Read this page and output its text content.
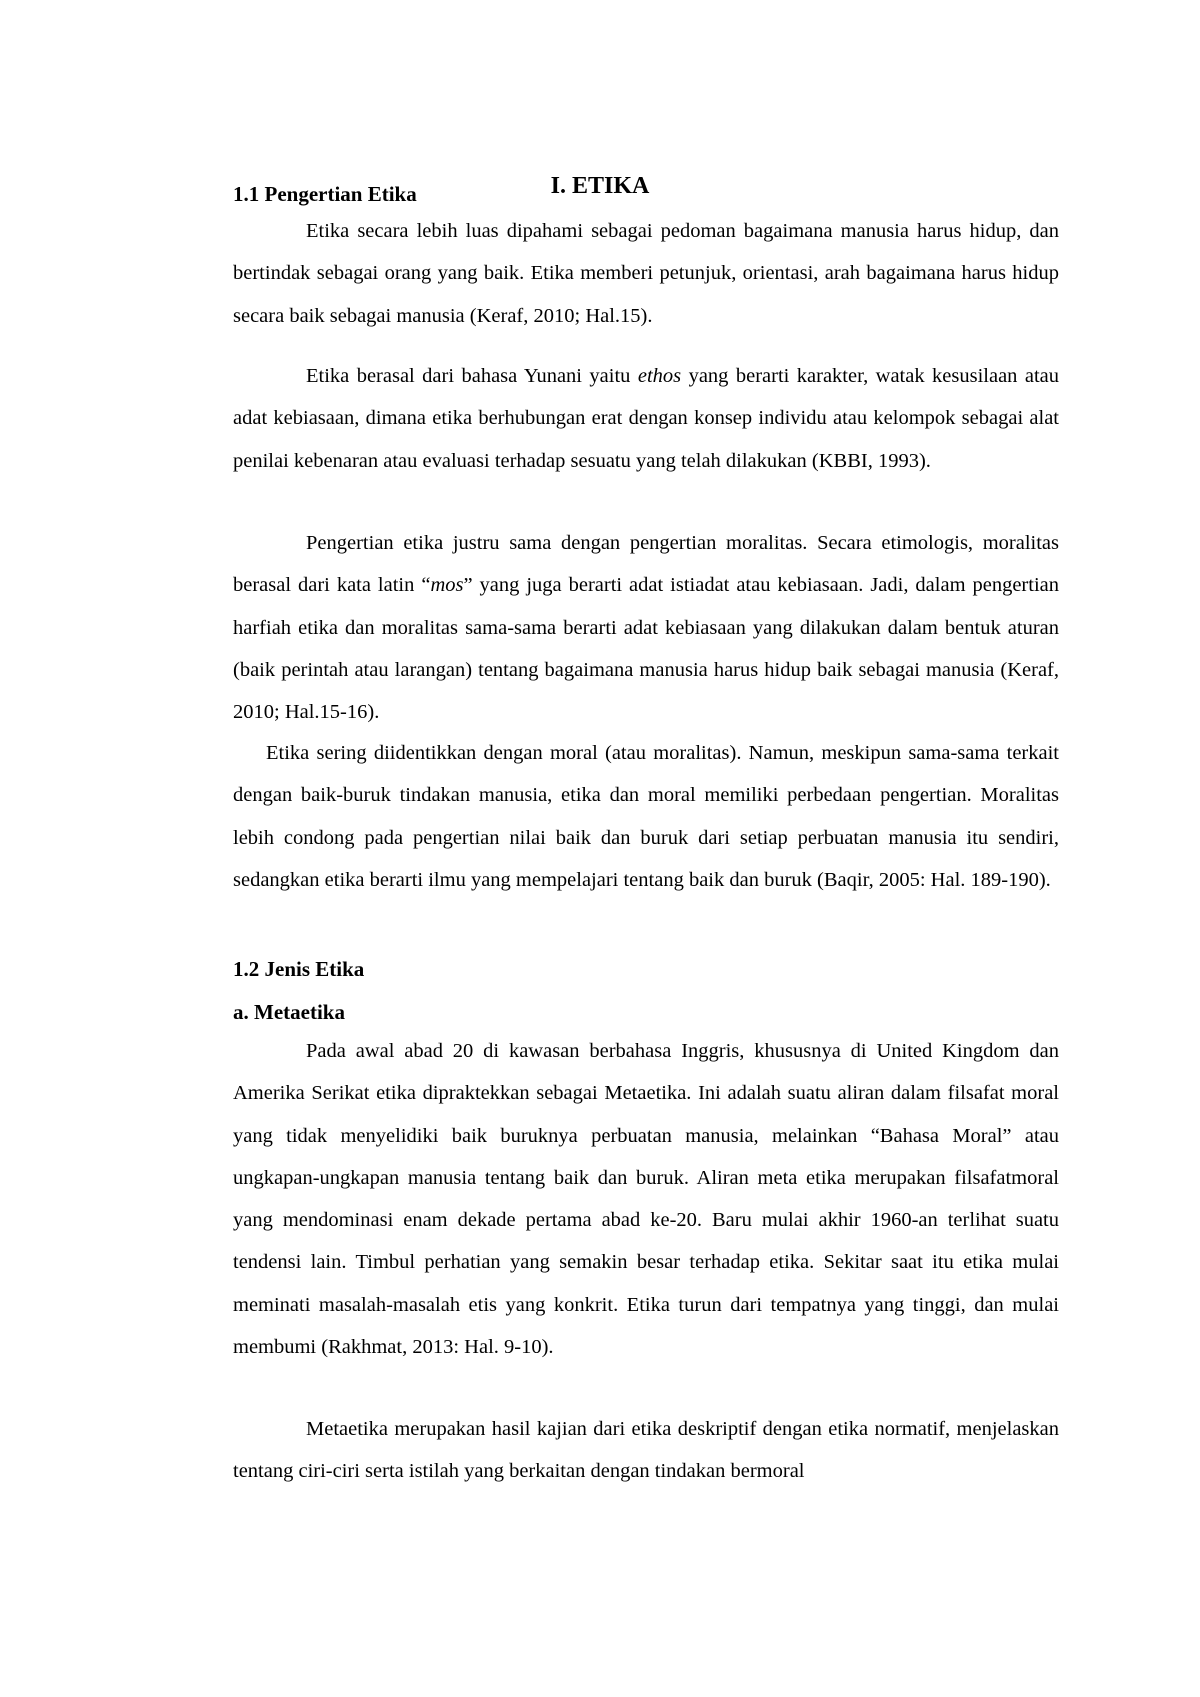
I. ETIKA
1.1 Pengertian Etika

Etika secara lebih luas dipahami sebagai pedoman bagaimana manusia harus hidup, dan bertindak sebagai orang yang baik. Etika memberi petunjuk, orientasi, arah bagaimana harus hidup secara baik sebagai manusia (Keraf, 2010; Hal.15).

Etika berasal dari bahasa Yunani yaitu ethos yang berarti karakter, watak kesusilaan atau adat kebiasaan, dimana etika berhubungan erat dengan konsep individu atau kelompok sebagai alat penilai kebenaran atau evaluasi terhadap sesuatu yang telah dilakukan (KBBI, 1993).

Pengertian etika justru sama dengan pengertian moralitas. Secara etimologis, moralitas berasal dari kata latin “mos” yang juga berarti adat istiadat atau kebiasaan. Jadi, dalam pengertian harfiah etika dan moralitas sama-sama berarti adat kebiasaan yang dilakukan dalam bentuk aturan (baik perintah atau larangan) tentang bagaimana manusia harus hidup baik sebagai manusia (Keraf, 2010; Hal.15-16).

Etika sering diidentikkan dengan moral (atau moralitas). Namun, meskipun sama-sama terkait dengan baik-buruk tindakan manusia, etika dan moral memiliki perbedaan pengertian. Moralitas lebih condong pada pengertian nilai baik dan buruk dari setiap perbuatan manusia itu sendiri, sedangkan etika berarti ilmu yang mempelajari tentang baik dan buruk (Baqir, 2005: Hal. 189-190).

1.2 Jenis Etika
a. Metaetika

Pada awal abad 20 di kawasan berbahasa Inggris, khususnya di United Kingdom dan Amerika Serikat etika dipraktekkan sebagai Metaetika. Ini adalah suatu aliran dalam filsafat moral yang tidak menyelidiki baik buruknya perbuatan manusia, melainkan “Bahasa Moral” atau ungkapan-ungkapan manusia tentang baik dan buruk. Aliran meta etika merupakan filsafatmoral yang mendominasi enam dekade pertama abad ke-20. Baru mulai akhir 1960-an terlihat suatu tendensi lain. Timbul perhatian yang semakin besar terhadap etika. Sekitar saat itu etika mulai meminati masalah-masalah etis yang konkrit. Etika turun dari tempatnya yang tinggi, dan mulai membumi (Rakhmat, 2013: Hal. 9-10).

Metaetika merupakan hasil kajian dari etika deskriptif dengan etika normatif, menjelaskan tentang ciri-ciri serta istilah yang berkaitan dengan tindakan bermoral
